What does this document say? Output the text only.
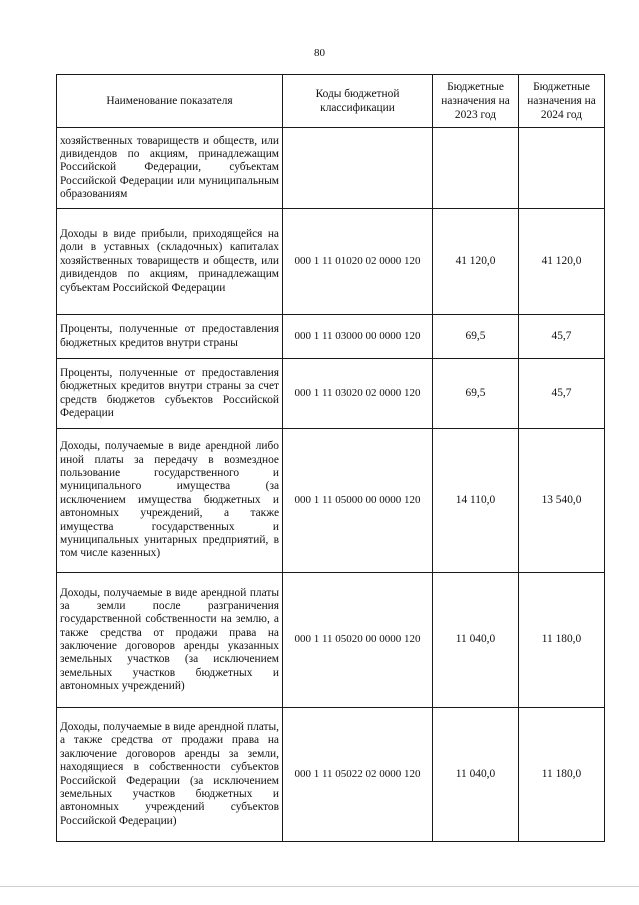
80
Наименование показателя	Коды бюджетной классификации	Бюджетные назначения на 2023 год	Бюджетные назначения на 2024 год

хозяйственных товариществ и обществ, или дивидендов по акциям, принадлежащим Российской Федерации, субъектам Российской Федерации или муниципальным образованиям			

Доходы в виде прибыли, приходящейся на доли в уставных (складочных) капиталах хозяйственных товариществ и обществ, или дивидендов по акциям, принадлежащим субъектам Российской Федерации	000 1 11 01020 02 0000 120	41 120,0	41 120,0

Проценты, полученные от предоставления бюджетных кредитов внутри страны	000 1 11 03000 00 0000 120	69,5	45,7

Проценты, полученные от предоставления бюджетных кредитов внутри страны за счет средств бюджетов субъектов Российской Федерации	000 1 11 03020 02 0000 120	69,5	45,7

Доходы, получаемые в виде арендной либо иной платы за передачу в возмездное пользование государственного и муниципального имущества (за исключением имущества бюджетных и автономных учреждений, а также имущества государственных и муниципальных унитарных предприятий, в том числе казенных)	000 1 11 05000 00 0000 120	14 110,0	13 540,0

Доходы, получаемые в виде арендной платы за земли после разграничения государственной собственности на землю, а также средства от продажи права на заключение договоров аренды указанных земельных участков (за исключением земельных участков бюджетных и автономных учреждений)	000 1 11 05020 00 0000 120	11 040,0	11 180,0

Доходы, получаемые в виде арендной платы, а также средства от продажи права на заключение договоров аренды за земли, находящиеся в собственности субъектов Российской Федерации (за исключением земельных участков бюджетных и автономных учреждений субъектов Российской Федерации)	000 1 11 05022 02 0000 120	11 040,0	11 180,0
